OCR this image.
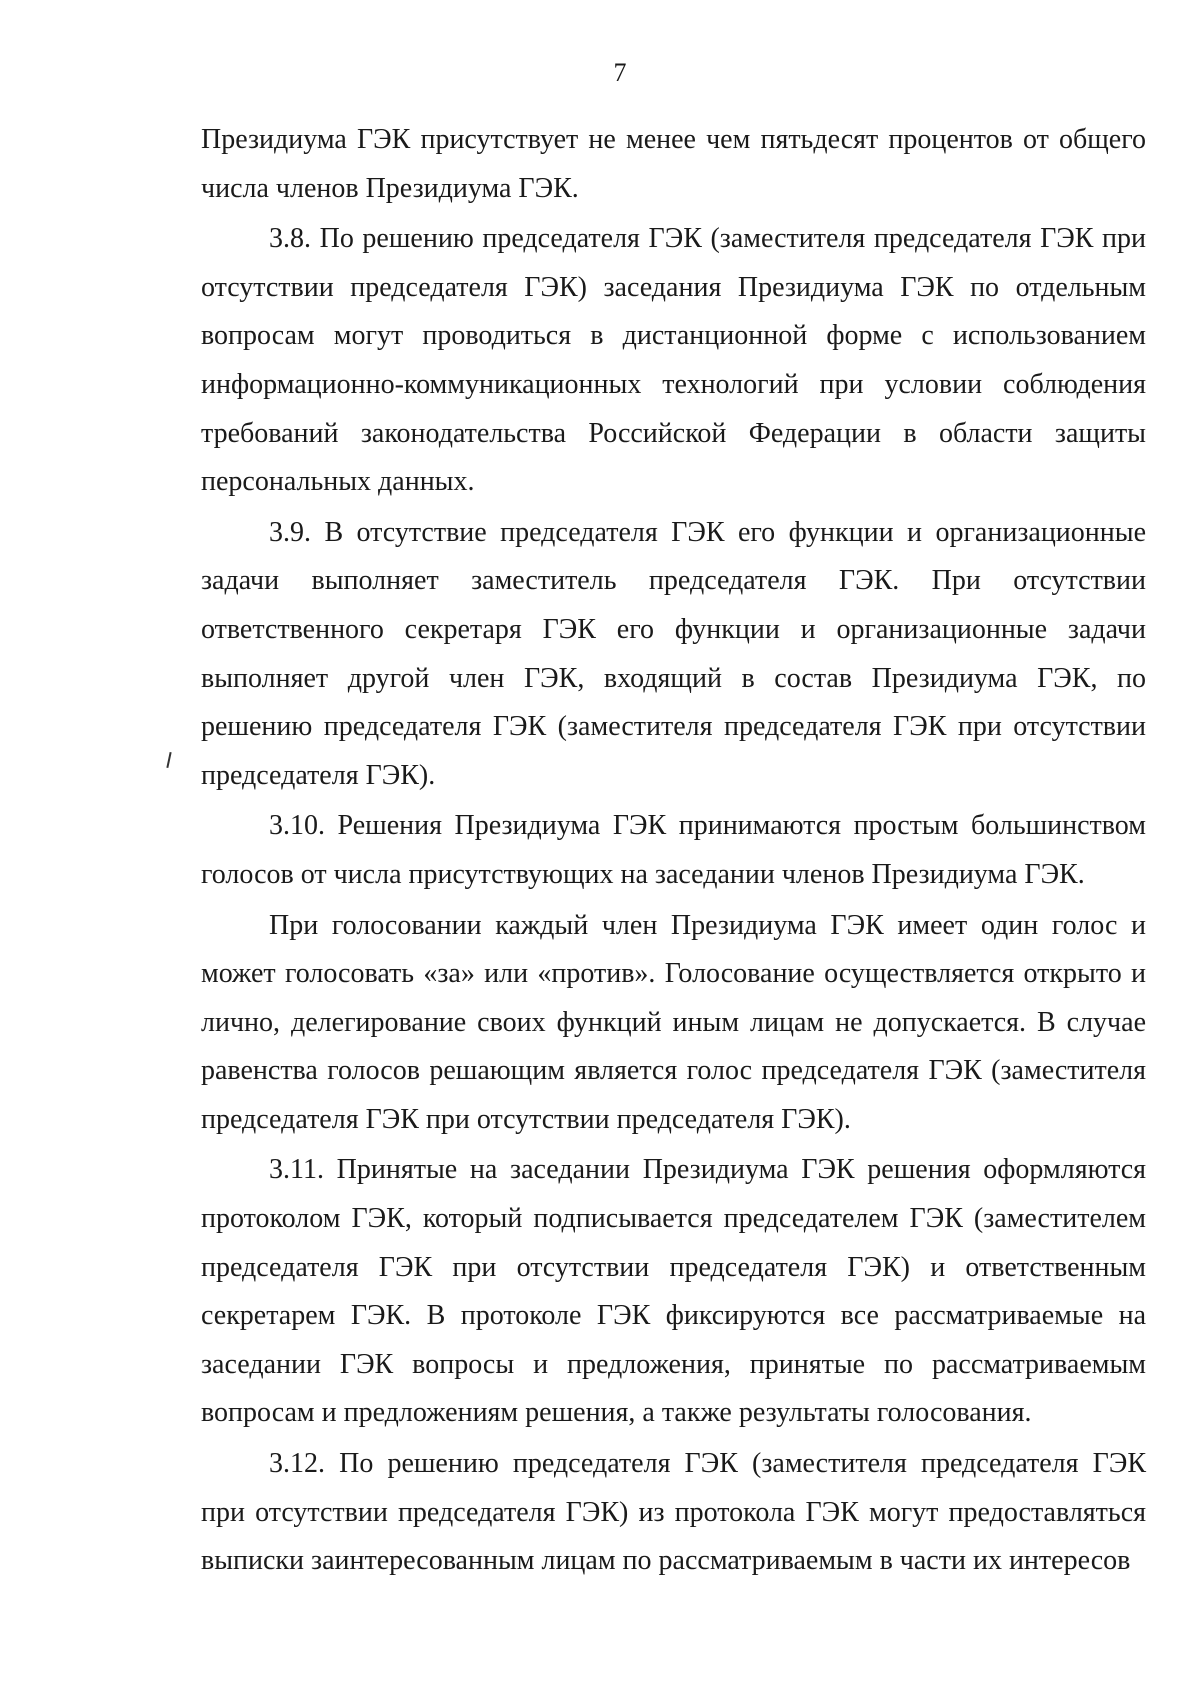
7

Президиума ГЭК присутствует не менее чем пятьдесят процентов от общего числа членов Президиума ГЭК.

3.8. По решению председателя ГЭК (заместителя председателя ГЭК при отсутствии председателя ГЭК) заседания Президиума ГЭК по отдельным вопросам могут проводиться в дистанционной форме с использованием информационно-коммуникационных технологий при условии соблюдения требований законодательства Российской Федерации в области защиты персональных данных.

3.9. В отсутствие председателя ГЭК его функции и организационные задачи выполняет заместитель председателя ГЭК. При отсутствии ответственного секретаря ГЭК его функции и организационные задачи выполняет другой член ГЭК, входящий в состав Президиума ГЭК, по решению председателя ГЭК (заместителя председателя ГЭК при отсутствии председателя ГЭК).

3.10. Решения Президиума ГЭК принимаются простым большинством голосов от числа присутствующих на заседании членов Президиума ГЭК.

При голосовании каждый член Президиума ГЭК имеет один голос и может голосовать «за» или «против». Голосование осуществляется открыто и лично, делегирование своих функций иным лицам не допускается. В случае равенства голосов решающим является голос председателя ГЭК (заместителя председателя ГЭК при отсутствии председателя ГЭК).

3.11. Принятые на заседании Президиума ГЭК решения оформляются протоколом ГЭК, который подписывается председателем ГЭК (заместителем председателя ГЭК при отсутствии председателя ГЭК) и ответственным секретарем ГЭК. В протоколе ГЭК фиксируются все рассматриваемые на заседании ГЭК вопросы и предложения, принятые по рассматриваемым вопросам и предложениям решения, а также результаты голосования.

3.12. По решению председателя ГЭК (заместителя председателя ГЭК при отсутствии председателя ГЭК) из протокола ГЭК могут предоставляться выписки заинтересованным лицам по рассматриваемым в части их интересов
